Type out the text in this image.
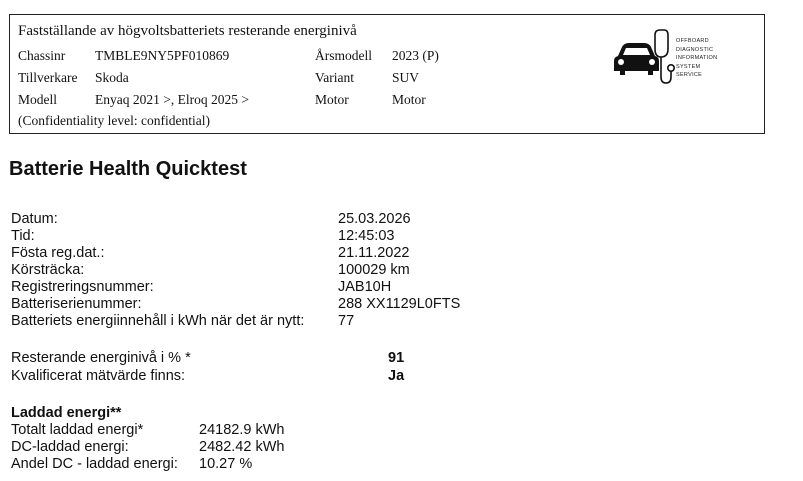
Fastställande av högvoltsbatteriets resterande energinivå
Chassinr TMBLE9NY5PF010869	Årsmodell 2023 (P)
Tillverkare Skoda	Variant	SUV
Modell	Enyaq 2021 >, Elroq 2025 >	Motor	Motor
(Confidentiality level: confidential)
OFFBOARD
DIAGNOSTIC
INFORMATION
SYSTEM
SERVICE
Batterie Health Quicktest
Datum:	25.03.2026
Tid:	12:45:03
Fösta reg.dat.:	21.11.2022
Körsträcka:	100029 km
Registreringsnummer:	JAB10H
Batteriserienummer:	288 XX1129L0FTS
Batteriets energiinnehåll i kWh när det är nytt: 77
Resterande energinivå i % *	91
Kvalificerat mätvärde finns:	Ja
Laddad energi**
Totalt laddad energi*	24182.9 kWh
DC-laddad energi:	2482.42 kWh
Andel DC - laddad energi: 10.27 %
